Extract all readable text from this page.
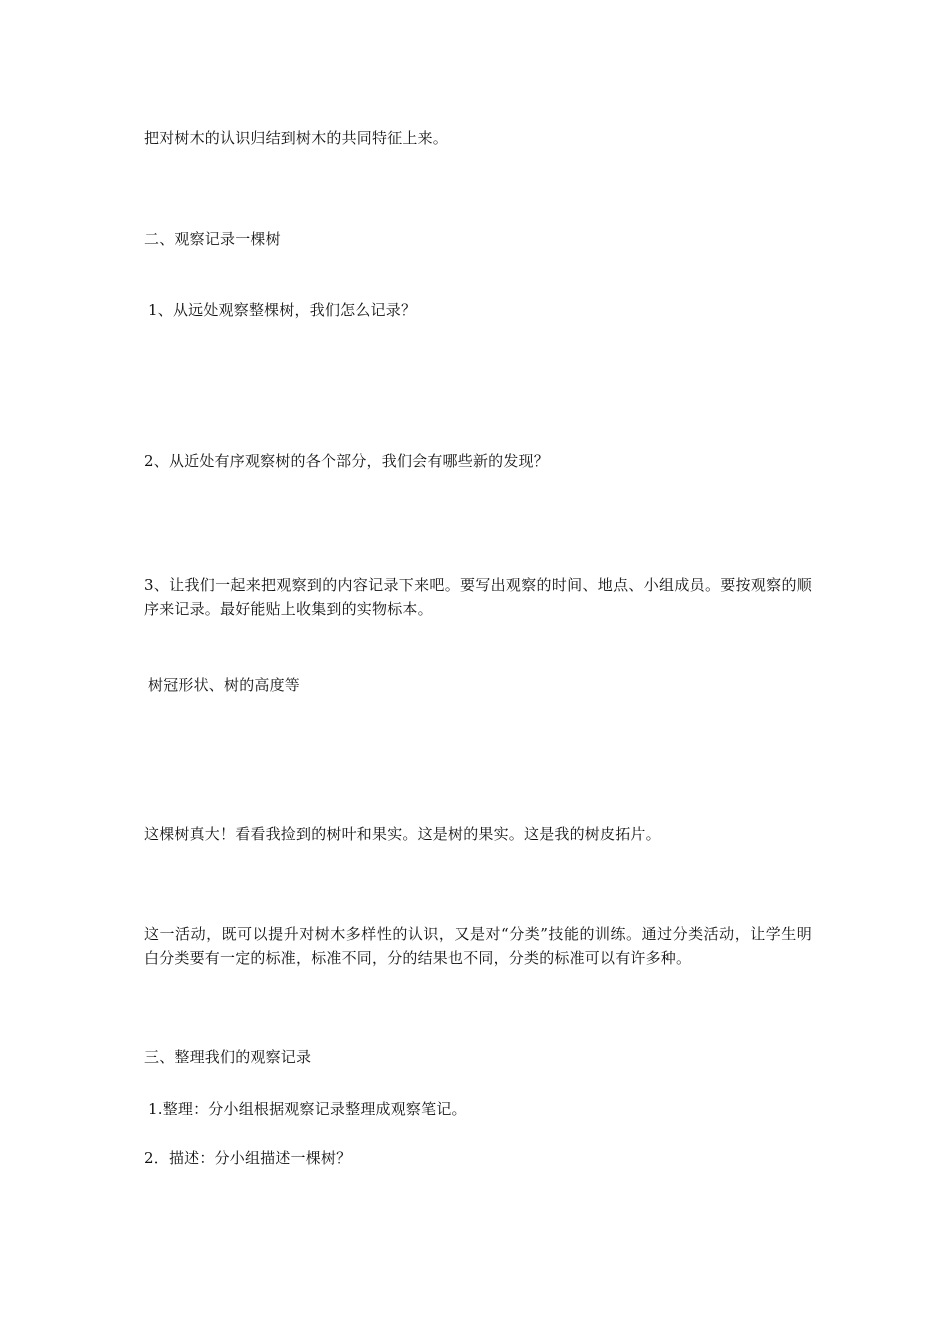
把对树木的认识归结到树木的共同特征上来。
二、观察记录一棵树
1、从远处观察整棵树，我们怎么记录？
2、从近处有序观察树的各个部分，我们会有哪些新的发现？
3、让我们一起来把观察到的内容记录下来吧。要写出观察的时间、地点、小组成员。要按观察的顺序来记录。最好能贴上收集到的实物标本。
树冠形状、树的高度等
这棵树真大！看看我捡到的树叶和果实。这是树的果实。这是我的树皮拓片。
这一活动，既可以提升对树木多样性的认识，又是对“分类”技能的训练。通过分类活动，让学生明白分类要有一定的标准，标准不同，分的结果也不同，分类的标准可以有许多种。
三、整理我们的观察记录
1.整理：分小组根据观察记录整理成观察笔记。
2．描述：分小组描述一棵树？
